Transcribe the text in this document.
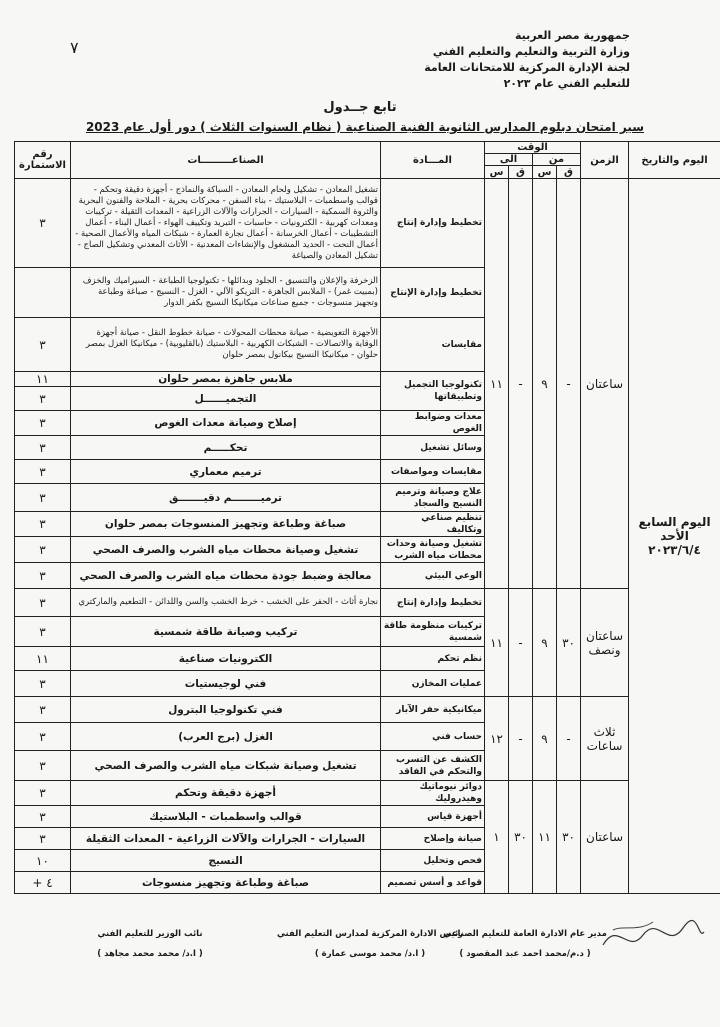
٧
جمهورية مصر العربية
وزارة التربية والتعليم والتعليم الفني
لجنة الإدارة المركزية للامتحانات العامة
للتعليم الفني عام ٢٠٢٣
تابع جــدول
سير امتحان دبلوم المدارس الثانوية الفنية الصناعية ( نظام السنوات الثلاث ) دور أول عام 2023
اليوم والتاريخ	الزمن	الوقت				المـــادة	الصناعـــــــــات	رقم الاستمارة
		من		الى				
		ق	س	ق	س			

اليوم السابع الأحد
٢٠٢٣/٦/٤	ساعتان	-	٩	-	١١	تخطيط وإدارة إنتاج	تشغيل المعادن - تشكيل ولحام المعادن - السباكة والنماذج - أجهزة دقيقة وتحكم - قوالب واسطمبات - البلاستيك - بناء السفن - محركات بحرية - الملاحة والفنون البحرية والثروة السمكية - السيارات - الجرارات والآلات الزراعية - المعدات الثقيلة - تركيبات ومعدات كهربية - الكترونيات - حاسبات - التبريد وتكييف الهواء - أعمال البناء - أعمال التشطيبات - أعمال الخرسانة - أعمال نجارة العمارة - شبكات المياه والأعمال الصحية - أعمال النحت - الحديد المشغول والإنشاءات المعدنية - الأثاث المعدني وتشكيل الصاج - تشكيل المعادن والصياغة	٣
						تخطيط وإدارة الإنتاج	الزخرفة والإعلان والتنسيق - الجلود وبدائلها - تكنولوجيا الطباعة - السيراميك والخزف (بمبيت غمر) - الملابس الجاهزة - التريكو الآلي - الغزل - النسيج - صباغة وطباعة وتجهيز منسوجات - جميع صناعات ميكانيكا النسيج بكفر الدوار	
						مقايسات	الأجهزة التعويضية - صيانة محطات المحولات - صيانة خطوط النقل - صيانة أجهزة الوقاية والاتصالات - الشبكات الكهربية - البلاستيك (بالقليوبية) - ميكانيكا الغزل بمصر حلوان - ميكانيكا النسيج بيكانول بمصر حلوان	٣
						تكنولوجيا التجميل وتطبيقاتها	ملابس جاهزة بمصر حلوان	١١
							التجميــــــل	٣
						معدات وضوابط الغوص	إصلاح وصيانة معدات الغوص	٣
						وسائل تشغيل	تحكـــــم	٣
						مقايسات ومواصفات	ترميم معماري	٣
						علاج وصيانة وترميم النسيج والسجاد	ترميــــــــم دقيـــــــق	٣
						تنظيم صناعي وتكاليف	صباغة وطباعة وتجهيز المنسوجات بمصر حلوان	٣
						تشغيل وصيانة وحدات محطات مياه الشرب	تشغيل وصيانة محطات مياه الشرب والصرف الصحي	٣
						الوعي البيئي	معالجة وضبط جودة محطات مياه الشرب والصرف الصحي	٣
	ساعتان ونصف	٣٠	٩	-	١١	تخطيط وإدارة إنتاج	نجارة أثاث - الحفر على الخشب - خرط الخشب والسن واللدائن - التطعيم والماركتري	٣
						تركيبات منظومة طاقة شمسية	تركيب وصيانة طاقة شمسية	٣
						نظم تحكم	الكترونيات صناعية	١١
						عمليات المخازن	فني لوجيستيات	٣
	ثلاث ساعات	-	٩	-	١٢	ميكانيكية حفر الآبار	فني تكنولوجيا البترول	٣
						حساب فني	الغزل (برج العرب)	٣
						الكشف عن التسرب والتحكم في الفاقد	تشغيل وصيانة شبكات مياه الشرب والصرف الصحي	٣
	ساعتان	٣٠	١١	٣٠	١	دوائر نيوماتيك وهيدروليك	أجهزة دقيقة وتحكم	٣
						أجهزة قياس	قوالب واسطمبات - البلاستيك	٣
						صيانة وإصلاح	السيارات - الجرارات والآلات الزراعية - المعدات الثقيلة	٣
						فحص وتحليل	النسيج	١٠
						قواعد و أسس تصميم	صباغة وطباعة وتجهيز منسوجات	٤ +
مدير عام الادارة العامة للتعليم الصناعي
( د.م/محمد احمد عبد المقصود )
رئيس الادارة المركزية لمدارس التعليم الفني
( ا.د/ محمد موسى عمارة )
نائب الوزير للتعليم الفني
( ا.د/ محمد محمد مجاهد )
